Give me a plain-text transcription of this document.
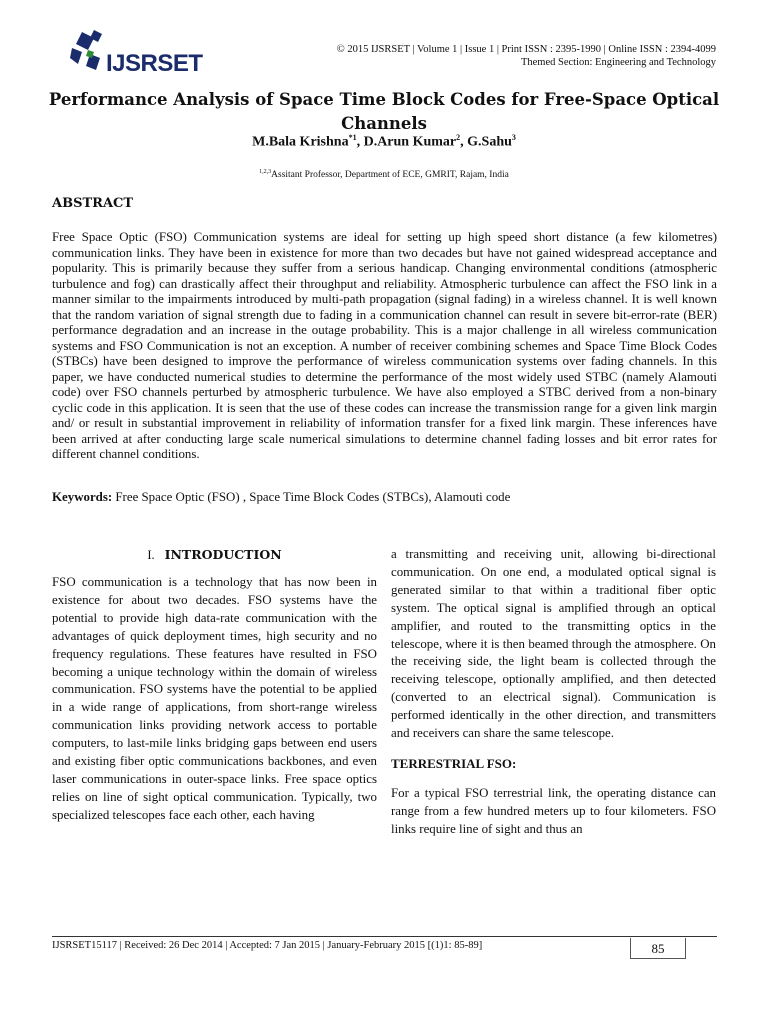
IJSRSET
© 2015 IJSRSET | Volume 1 | Issue 1 | Print ISSN : 2395-1990 | Online ISSN : 2394-4099
Themed Section: Engineering and Technology
Performance Analysis of Space Time Block Codes for Free-Space Optical
Channels
M.Bala Krishna$^{*1}$, D.Arun Kumar$^2$, G.Sahu$^3$
$^{1,2,3}$Assitant Professor, Department of ECE, GMRIT, Rajam, India
ABSTRACT

Free Space Optic (FSO) Communication systems are ideal for setting up high speed short distance (a few kilometres) communication links. They have been in existence for more than two decades but have not gained widespread acceptance and popularity. This is primarily because they suffer from a serious handicap. Changing environmental conditions (atmospheric turbulence and fog) can drastically affect their throughput and reliability. Atmospheric turbulence can affect the FSO link in a manner similar to the impairments introduced by multi-path propagation (signal fading) in a wireless channel. It is well known that the random variation of signal strength due to fading in a communication channel can result in severe bit-error-rate (BER) performance degradation and an increase in the outage probability. This is a major challenge in all wireless communication systems and FSO Communication is not an exception. A number of receiver combining schemes and Space Time Block Codes (STBCs) have been designed to improve the performance of wireless communication systems over fading channels. In this paper, we have conducted numerical studies to determine the performance of the most widely used STBC (namely Alamouti code) over FSO channels perturbed by atmospheric turbulence. We have also employed a STBC derived from a non-binary cyclic code in this application. It is seen that the use of these codes can increase the transmission range for a given link margin and/ or result in substantial improvement in reliability of information transfer for a fixed link margin. These inferences have been arrived at after conducting large scale numerical simulations to determine channel fading losses and bit error rates for different channel conditions.

Keywords: Free Space Optic (FSO) , Space Time Block Codes (STBCs), Alamouti code

I. INTRODUCTION

FSO communication is a technology that has now been in existence for about two decades. FSO systems have the potential to provide high data-rate communication with the advantages of quick deployment times, high security and no frequency regulations. These features have resulted in FSO becoming a unique technology within the domain of wireless communication. FSO systems have the potential to be applied in a wide range of applications, from short-range wireless communication links providing network access to portable computers, to last-mile links bridging gaps between end users and existing fiber optic communications backbones, and even laser communications in outer-space links. Free space optics relies on line of sight optical communication. Typically, two specialized telescopes face each other, each having

a transmitting and receiving unit, allowing bi-directional communication. On one end, a modulated optical signal is generated similar to that within a traditional fiber optic system. The optical signal is amplified through an optical amplifier, and routed to the transmitting optics in the telescope, where it is then beamed through the atmosphere. On the receiving side, the light beam is collected through the receiving telescope, optionally amplified, and then detected (converted to an electrical signal). Communication is performed identically in the other direction, and transmitters and receivers can share the same telescope.

TERRESTRIAL FSO:

For a typical FSO terrestrial link, the operating distance can range from a few hundred meters up to four kilometers. FSO links require line of sight and thus an

IJSRSET15117 | Received: 26 Dec 2014 | Accepted: 7 Jan 2015 | January-February 2015 [(1)1: 85-89]	85
